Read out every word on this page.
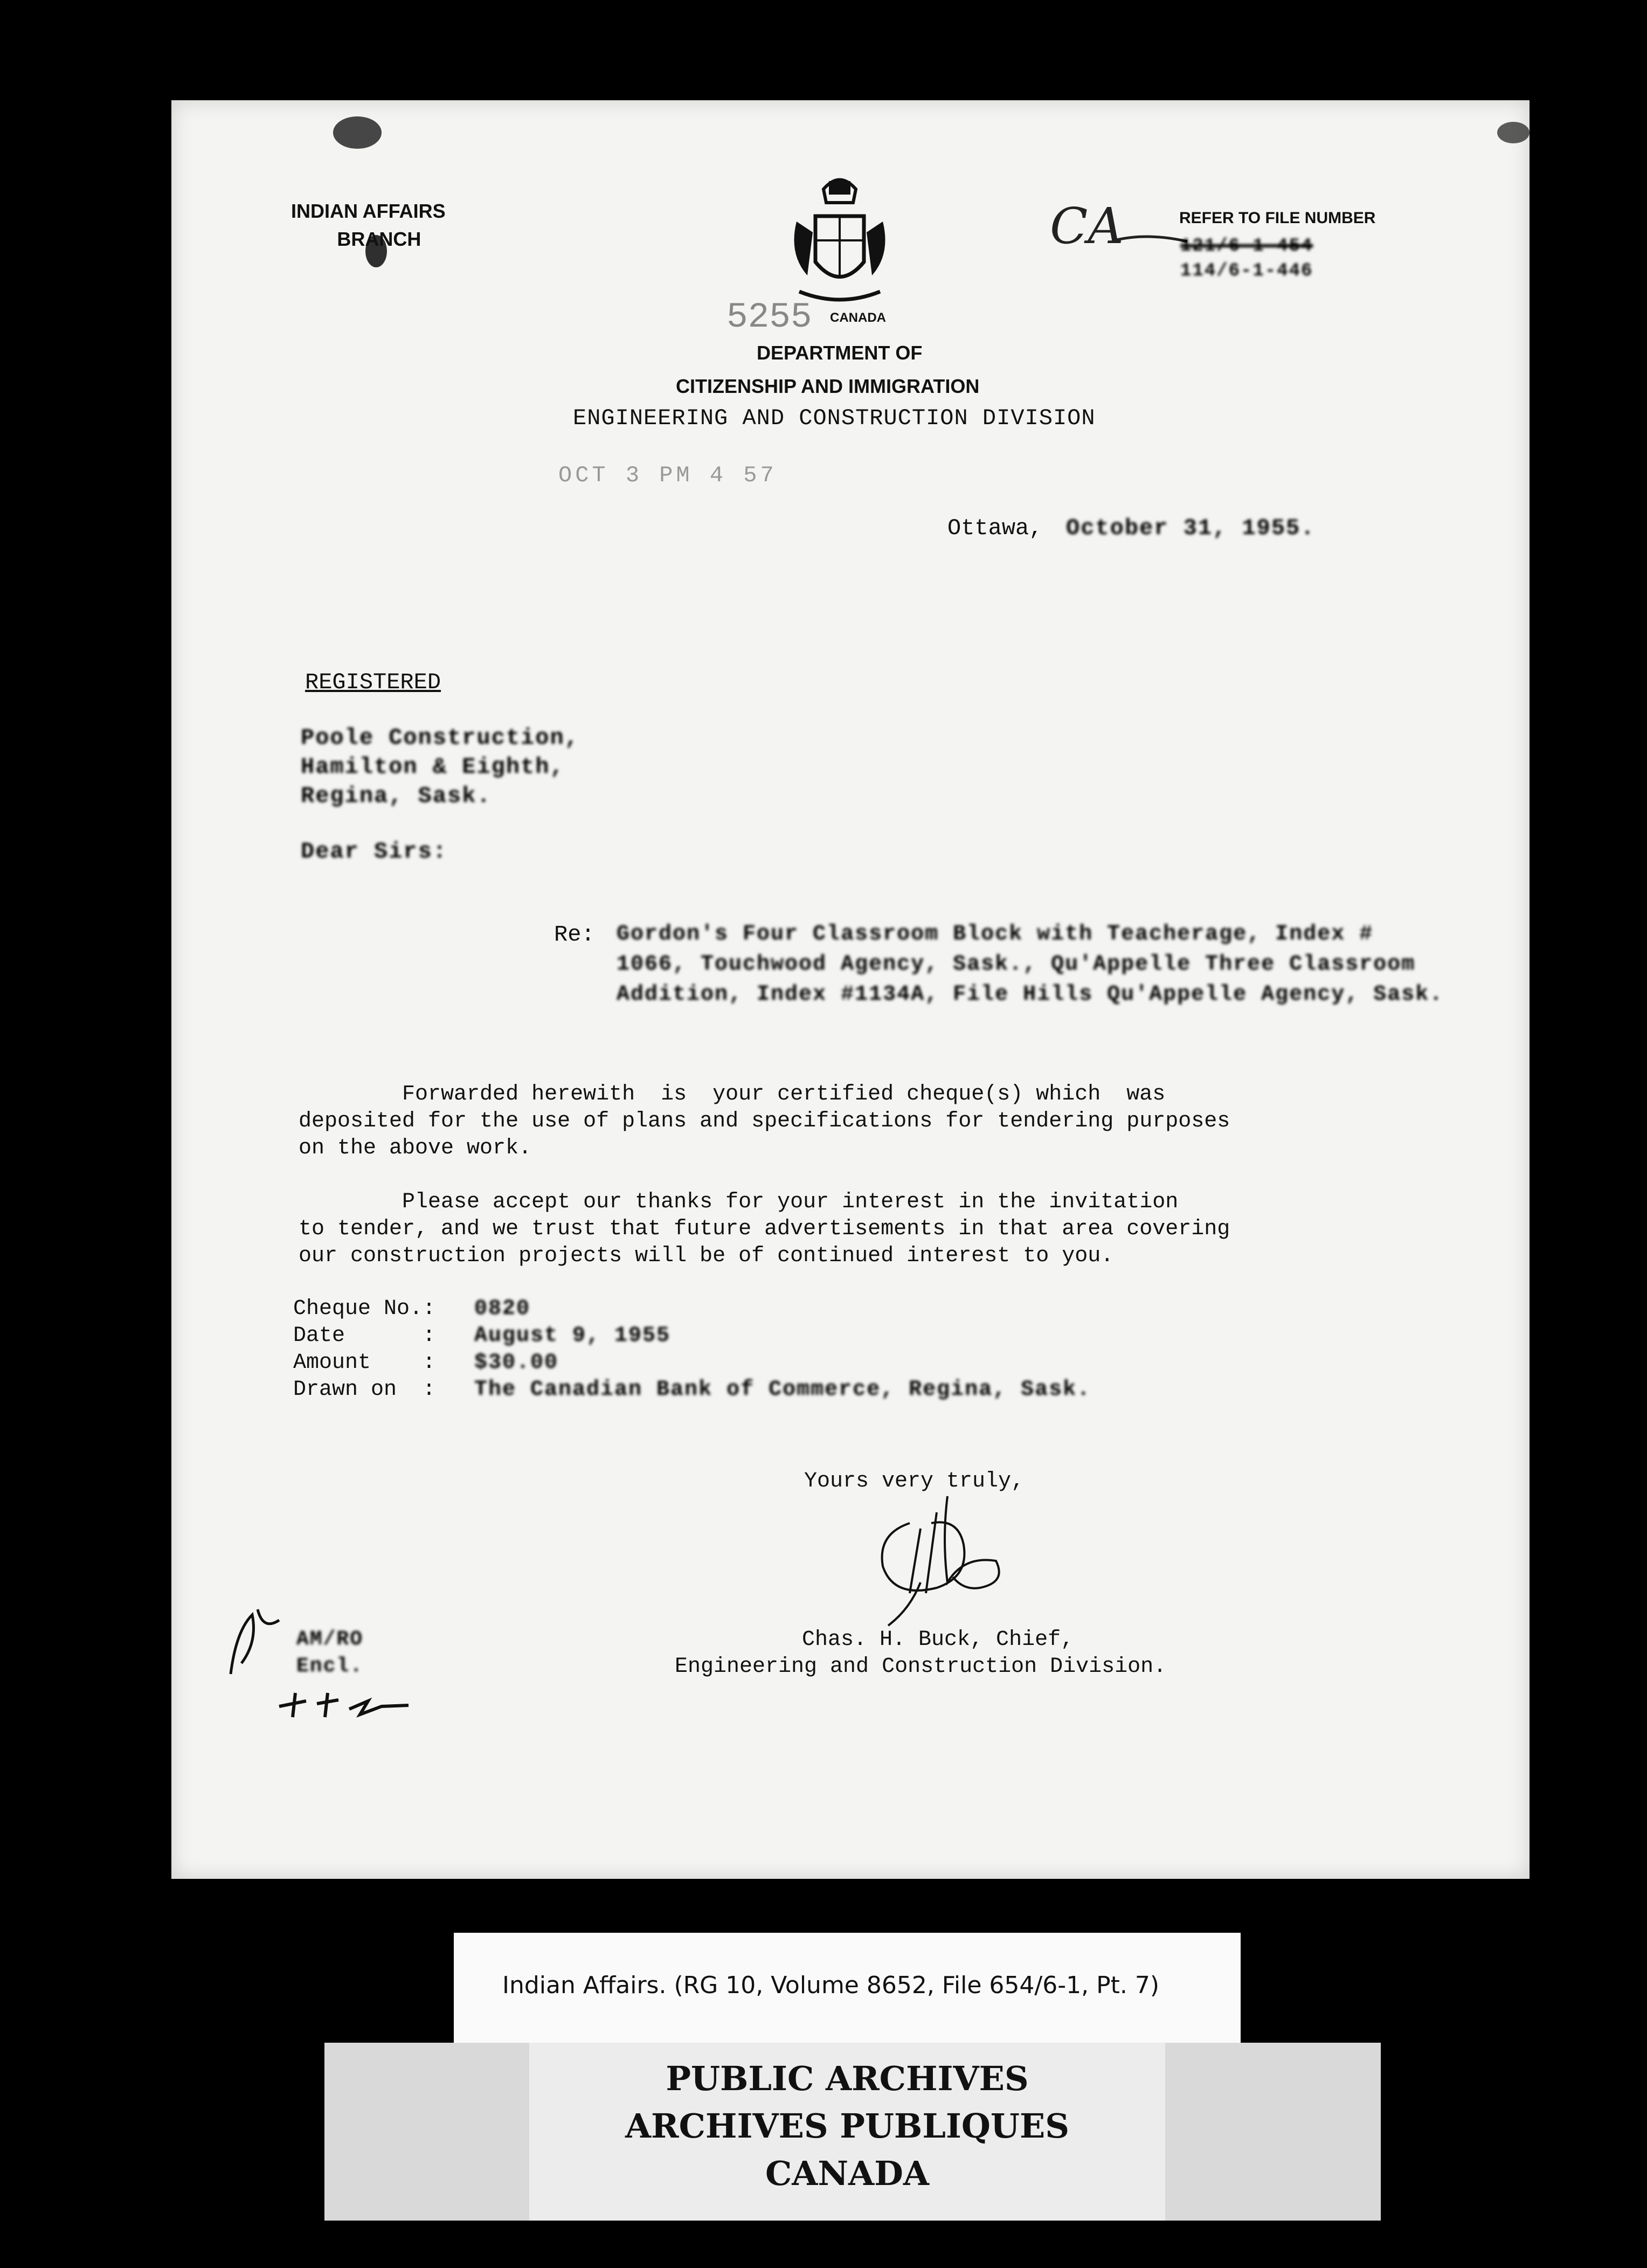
INDIAN AFFAIRS
BRANCH
CANADA
5255
DEPARTMENT OF
CITIZENSHIP AND IMMIGRATION
ENGINEERING AND CONSTRUCTION DIVISION
REFER TO FILE NUMBER
CA	121/6-1-454
114/6-1-446
OCT 3 PM 4 57
Ottawa, October 31, 1955.
REGISTERED
Poole Construction,
Hamilton & Eighth,
Regina, Sask.
Dear Sirs:
Re: Gordon's Four Classroom Block with Teacherage, Index #
1066, Touchwood Agency, Sask., Qu'Appelle Three Classroom
Addition, Index #1134A, File Hills Qu'Appelle Agency, Sask.
Forwarded herewith  is  your certified cheque(s) which  was
deposited for the use of plans and specifications for tendering purposes
on the above work.
Please accept our thanks for your interest in the invitation
to tender, and we trust that future advertisements in that area covering
our construction projects will be of continued interest to you.
Cheque No.:
Date      :
Amount    :
Drawn on  :
0820
August 9, 1955
$30.00
The Canadian Bank of Commerce, Regina, Sask.
Yours very truly,
Chas. H. Buck, Chief,
Engineering and Construction Division.
AM/RO
Encl.
Indian Affairs. (RG 10, Volume 8652, File 654/6-1, Pt. 7)
PUBLIC ARCHIVES
ARCHIVES PUBLIQUES
CANADA
